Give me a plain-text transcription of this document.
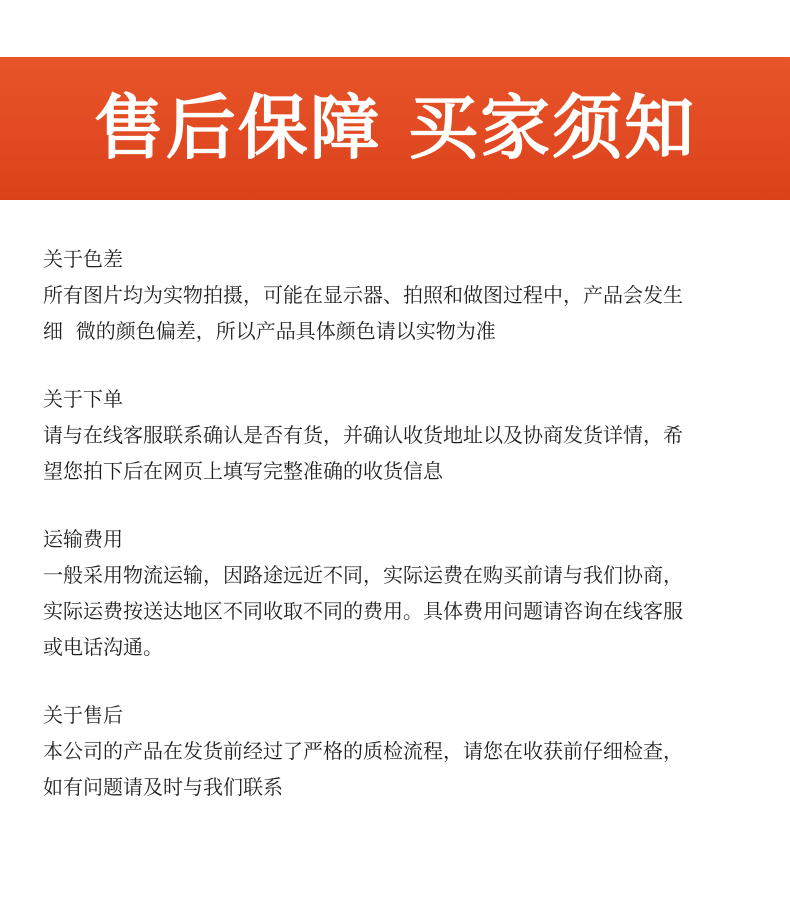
售后保障 买家须知
关于色差
所有图片均为实物拍摄，可能在显示器、拍照和做图过程中，产品会发生
细  微的颜色偏差，所以产品具体颜色请以实物为准
关于下单
请与在线客服联系确认是否有货，并确认收货地址以及协商发货详情，希
望您拍下后在网页上填写完整准确的收货信息
运输费用
一般采用物流运输，因路途远近不同，实际运费在购买前请与我们协商，
实际运费按送达地区不同收取不同的费用。具体费用问题请咨询在线客服
或电话沟通。
关于售后
本公司的产品在发货前经过了严格的质检流程，请您在收获前仔细检查，
如有问题请及时与我们联系
